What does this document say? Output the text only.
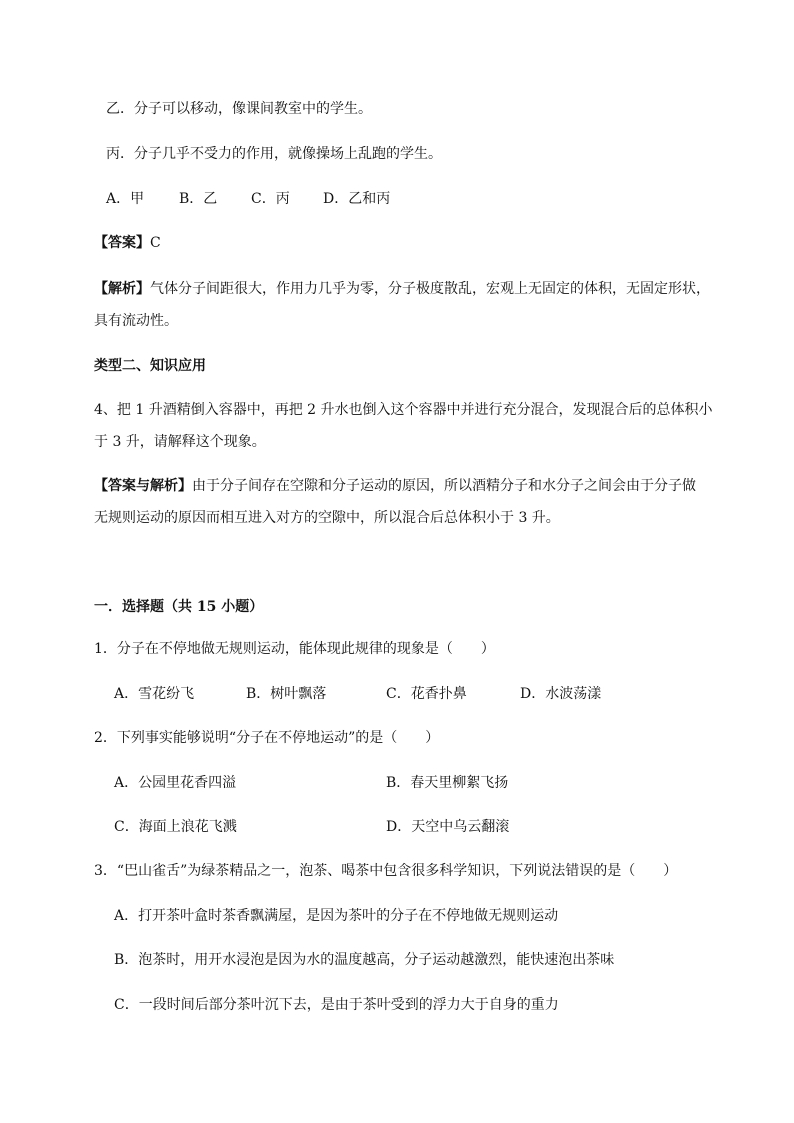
乙．分子可以移动，像课间教室中的学生。
丙．分子几乎不受力的作用，就像操场上乱跑的学生。
A．甲 B．乙 C．丙 D．乙和丙
【答案】C
【解析】气体分子间距很大，作用力几乎为零，分子极度散乱，宏观上无固定的体积，无固定形状，
具有流动性。
类型二、知识应用
4、把 1 升酒精倒入容器中，再把 2 升水也倒入这个容器中并进行充分混合，发现混合后的总体积小
于 3 升，请解释这个现象。
【答案与解析】由于分子间存在空隙和分子运动的原因，所以酒精分子和水分子之间会由于分子做
无规则运动的原因而相互进入对方的空隙中，所以混合后总体积小于 3 升。
一．选择题（共 15 小题）
1．分子在不停地做无规则运动，能体现此规律的现象是（　　）
A．雪花纷飞	B．树叶飘落	C．花香扑鼻	D．水波荡漾
2．下列事实能够说明“分子在不停地运动”的是（　　）
A．公园里花香四溢	B．春天里柳絮飞扬
C．海面上浪花飞溅	D．天空中乌云翻滚
3．“巴山雀舌”为绿茶精品之一，泡茶、喝茶中包含很多科学知识，下列说法错误的是（　　）
A．打开茶叶盒时茶香飘满屋，是因为茶叶的分子在不停地做无规则运动
B．泡茶时，用开水浸泡是因为水的温度越高，分子运动越激烈，能快速泡出茶味
C．一段时间后部分茶叶沉下去，是由于茶叶受到的浮力大于自身的重力
